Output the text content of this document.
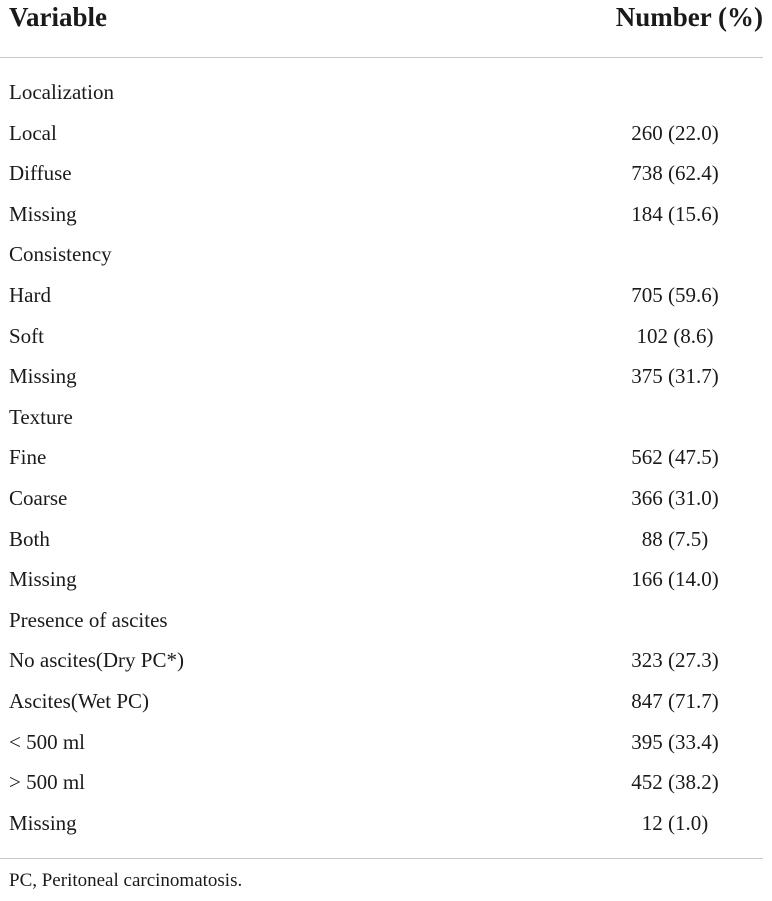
Variable	Number (%)
Localization
Local	260 (22.0)
Diffuse	738 (62.4)
Missing	184 (15.6)
Consistency
Hard	705 (59.6)
Soft	102 (8.6)
Missing	375 (31.7)
Texture
Fine	562 (47.5)
Coarse	366 (31.0)
Both	88 (7.5)
Missing	166 (14.0)
Presence of ascites
No ascites(Dry PC*)	323 (27.3)
Ascites(Wet PC)	847 (71.7)
< 500 ml	395 (33.4)
> 500 ml	452 (38.2)
Missing	12 (1.0)
PC, Peritoneal carcinomatosis.
